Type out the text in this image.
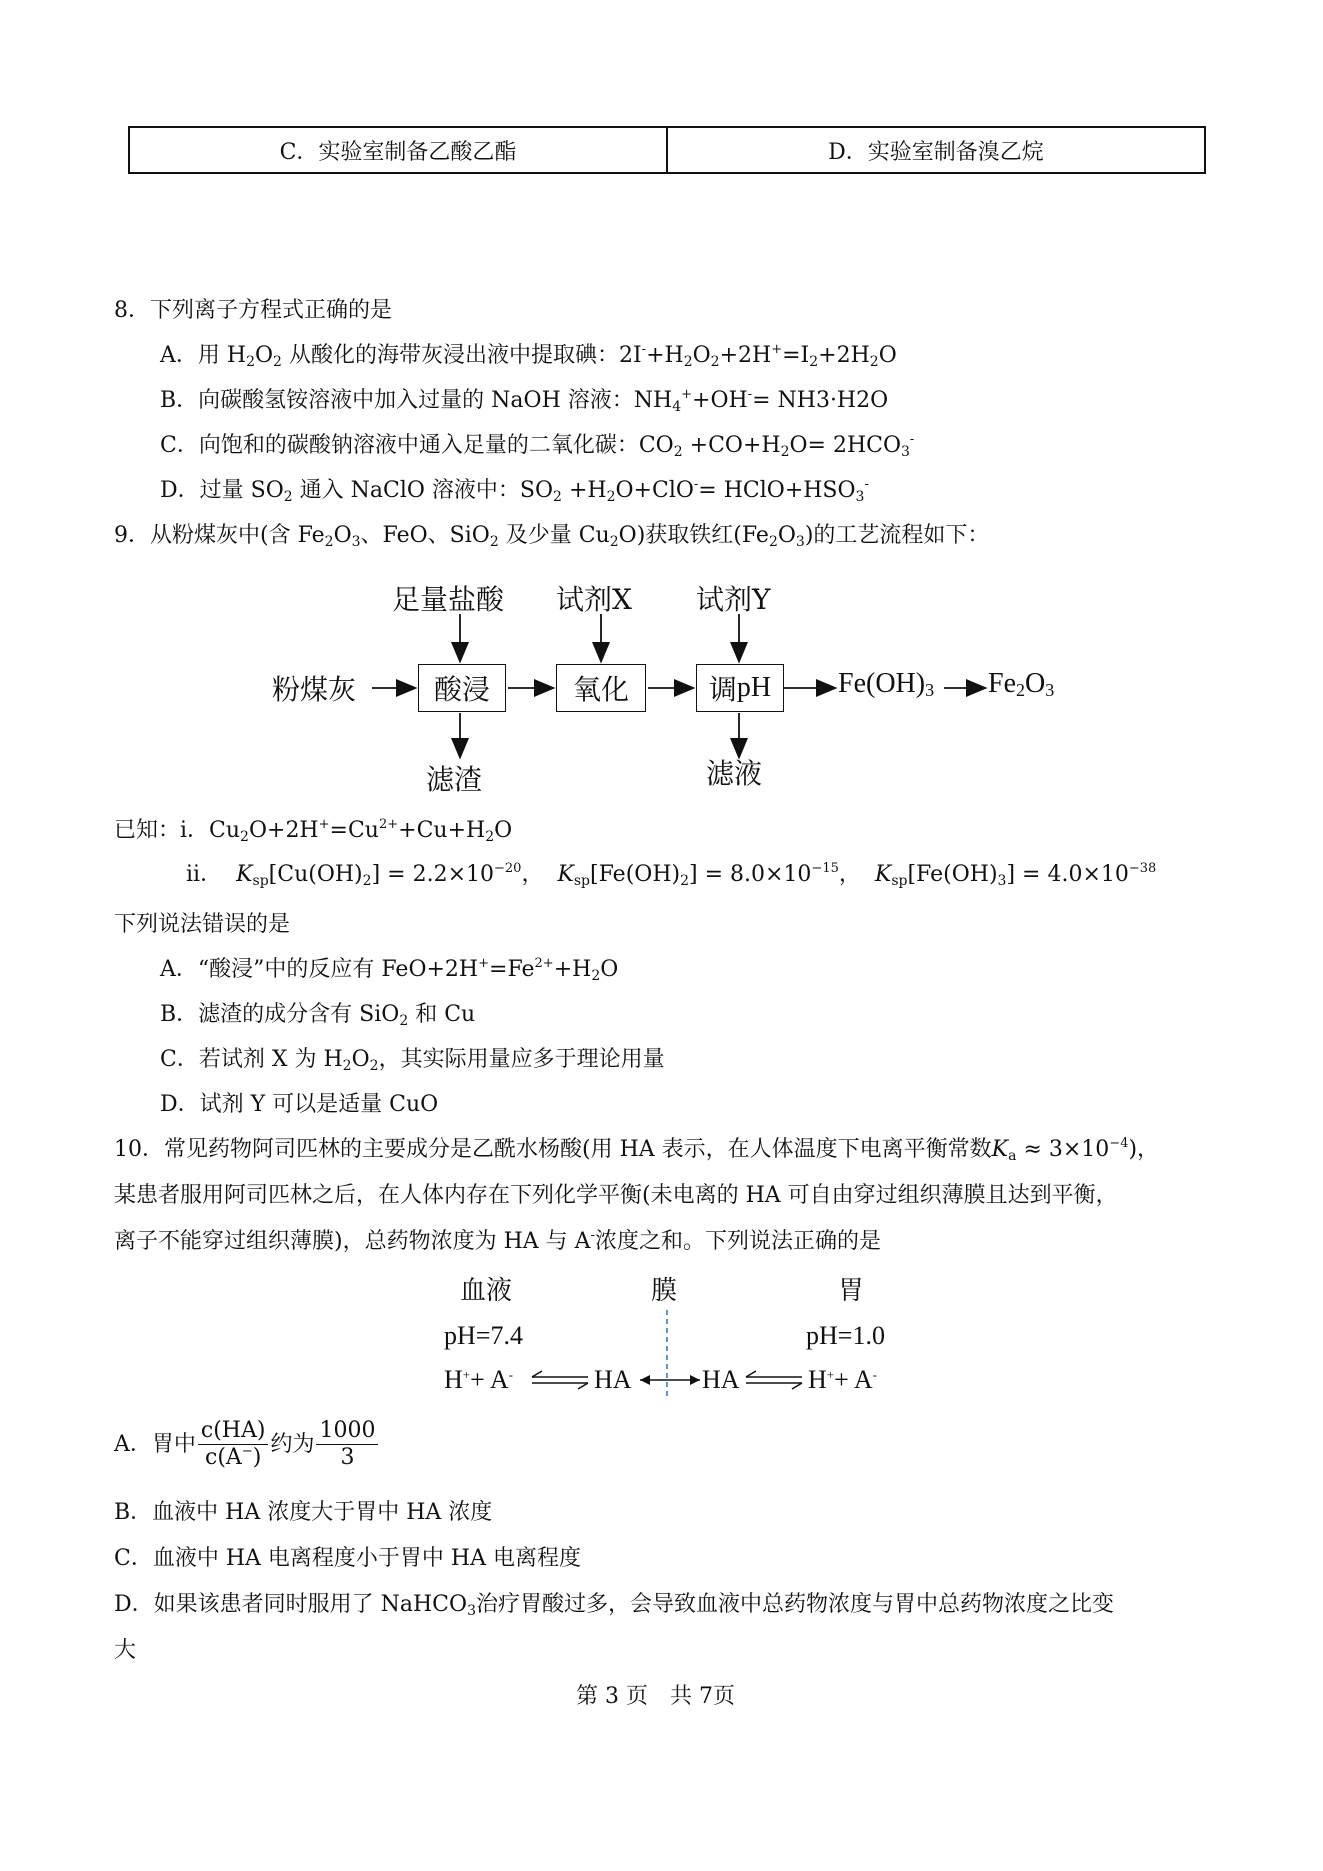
C．实验室制备乙酸乙酯	D．实验室制备溴乙烷
8．下列离子方程式正确的是
A．用 $H_2O_2$ 从酸化的海带灰浸出液中提取碘：$2I^-+H_2O_2+2H^+=I_2+2H_2O$
B．向碳酸氢铵溶液中加入过量的 NaOH 溶液：$NH_4^++OH^-= NH3\cdot H2O$
C．向饱和的碳酸钠溶液中通入足量的二氧化碳：$CO_2 +CO+H_2O= 2HCO_3^-$
D．过量 $SO_2$ 通入 NaClO 溶液中：$SO_2 +H_2O+ClO^-=$ $HClO+HSO_3^-$
9．从粉煤灰中(含 $Fe_2O_3$、FeO、SiO$_2$ 及少量 $Cu_2O$)获取铁红$(Fe_2O_3)$的工艺流程如下：
足量盐酸 试剂X 试剂Y
粉煤灰	酸浸	氧化	调 pH $Fe(OH)_3$ $Fe_2O_3$
滤渣	滤液
已知：i．$Cu_2O+2H^+=Cu^{2+}+Cu+H_2O$
ii． $K_{sp}[Cu(OH)_2] = 2.2\times 10^{-20}$，  $K_{sp}[Fe(OH)_2] = 8.0\times 10^{-15}$，  $K_{sp}[Fe(OH)_3] = 4.0\times 10^{-38}$
下列说法错误的是
A．“酸浸”中的反应有 $FeO+2H^+=Fe^{2+}+H_2O$
B．滤渣的成分含有 SiO$_2$ 和 Cu
C．若试剂 X 为 $H_2O_2$，其实际用量应多于理论用量
D．试剂 Y 可以是适量 CuO
10．常见药物阿司匹林的主要成分是乙酰水杨酸(用 HA 表示，在人体温度下电离平衡常数$K_a \approx 3\times 10^{-4}$)，
某患者服用阿司匹林之后，在人体内存在下列化学平衡(未电离的 HA 可自由穿过组织薄膜且达到平衡，
离子不能穿过组织薄膜)，总药物浓度为 HA 与 A-浓度之和。下列说法正确的是
血液	膜	胃
pH=7.4	pH=1.0
H++ A-	HA	HA	H++ A-
A．胃中 $\frac{c(HA)}{c(A^-)}$ 约为 $\frac{1000}{3}$
B．血液中 HA 浓度大于胃中 HA 浓度
C．血液中 HA 电离程度小于胃中 HA 电离程度
D．如果该患者同时服用了 NaHCO$_3$治疗胃酸过多，会导致血液中总药物浓度与胃中总药物浓度之比变
大
第 3 页　共 7页
